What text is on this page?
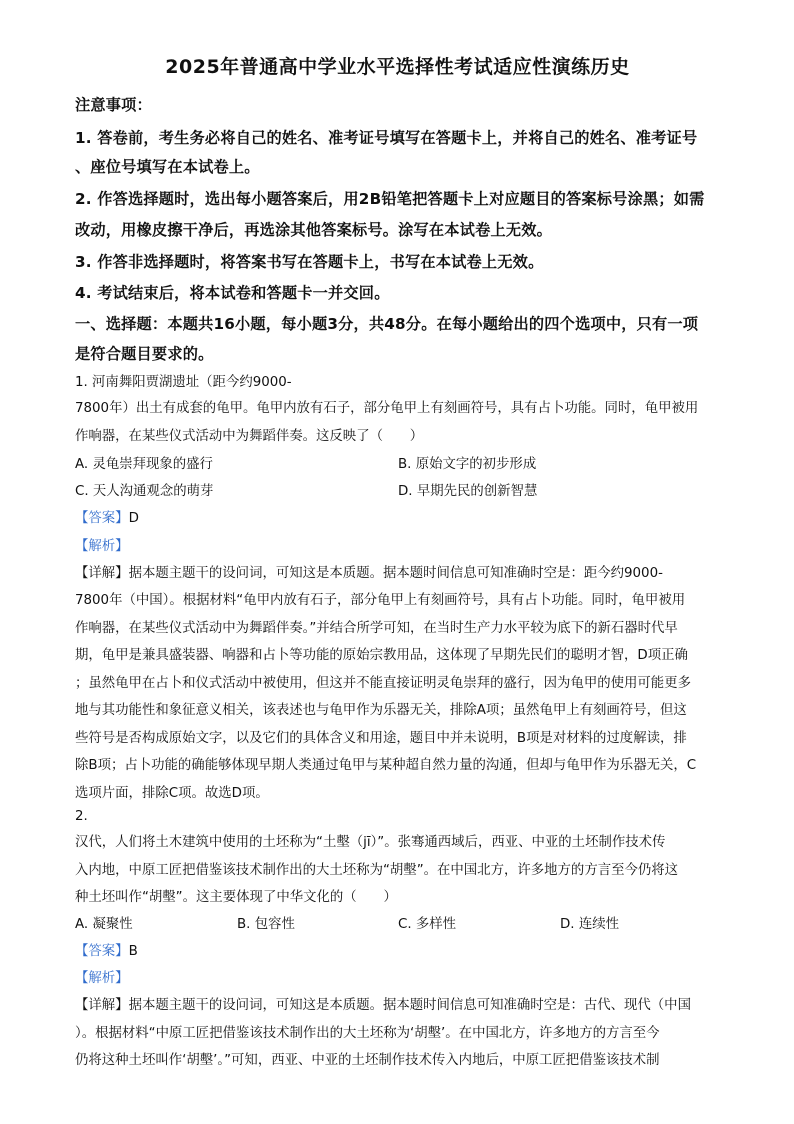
2025年普通高中学业水平选择性考试适应性演练历史
注意事项：
1. 答卷前，考生务必将自己的姓名、准考证号填写在答题卡上，并将自己的姓名、准考证号
、座位号填写在本试卷上。
2. 作答选择题时，选出每小题答案后，用2B铅笔把答题卡上对应题目的答案标号涂黑；如需
改动，用橡皮擦干净后，再选涂其他答案标号。涂写在本试卷上无效。
3. 作答非选择题时，将答案书写在答题卡上，书写在本试卷上无效。
4. 考试结束后，将本试卷和答题卡一并交回。
一、选择题：本题共16小题，每小题3分，共48分。在每小题给出的四个选项中，只有一项
是符合题目要求的。
1. 河南舞阳贾湖遗址（距今约9000-
7800年）出土有成套的龟甲。龟甲内放有石子，部分龟甲上有刻画符号，具有占卜功能。同时，龟甲被用
作响器，在某些仪式活动中为舞蹈伴奏。这反映了（　　）
A. 灵龟崇拜现象的盛行	B. 原始文字的初步形成
C. 天人沟通观念的萌芽	D. 早期先民的创新智慧
【答案】D
【解析】
【详解】据本题主题干的设问词，可知这是本质题。据本题时间信息可知准确时空是：距今约9000-
7800年（中国）。根据材料“龟甲内放有石子，部分龟甲上有刻画符号，具有占卜功能。同时，龟甲被用
作响器，在某些仪式活动中为舞蹈伴奏。”并结合所学可知，在当时生产力水平较为底下的新石器时代早
期，龟甲是兼具盛装器、响器和占卜等功能的原始宗教用品，这体现了早期先民们的聪明才智，D项正确
；虽然龟甲在占卜和仪式活动中被使用，但这并不能直接证明灵龟崇拜的盛行，因为龟甲的使用可能更多
地与其功能性和象征意义相关，该表述也与龟甲作为乐器无关，排除A项；虽然龟甲上有刻画符号，但这
些符号是否构成原始文字，以及它们的具体含义和用途，题目中并未说明，B项是对材料的过度解读，排
除B项；占卜功能的确能够体现早期人类通过龟甲与某种超自然力量的沟通，但却与龟甲作为乐器无关，C
选项片面，排除C项。故选D项。
2.
汉代，人们将土木建筑中使用的土坯称为“土墼（jī）”。张骞通西域后，西亚、中亚的土坯制作技术传
入内地，中原工匠把借鉴该技术制作出的大土坯称为“胡墼”。在中国北方，许多地方的方言至今仍将这
种土坯叫作“胡墼”。这主要体现了中华文化的（　　）
A. 凝聚性	B. 包容性	C. 多样性	D. 连续性
【答案】B
【解析】
【详解】据本题主题干的设问词，可知这是本质题。据本题时间信息可知准确时空是：古代、现代（中国
）。根据材料“中原工匠把借鉴该技术制作出的大土坯称为‘胡墼’。在中国北方，许多地方的方言至今
仍将这种土坯叫作‘胡墼’。”可知，西亚、中亚的土坯制作技术传入内地后，中原工匠把借鉴该技术制
